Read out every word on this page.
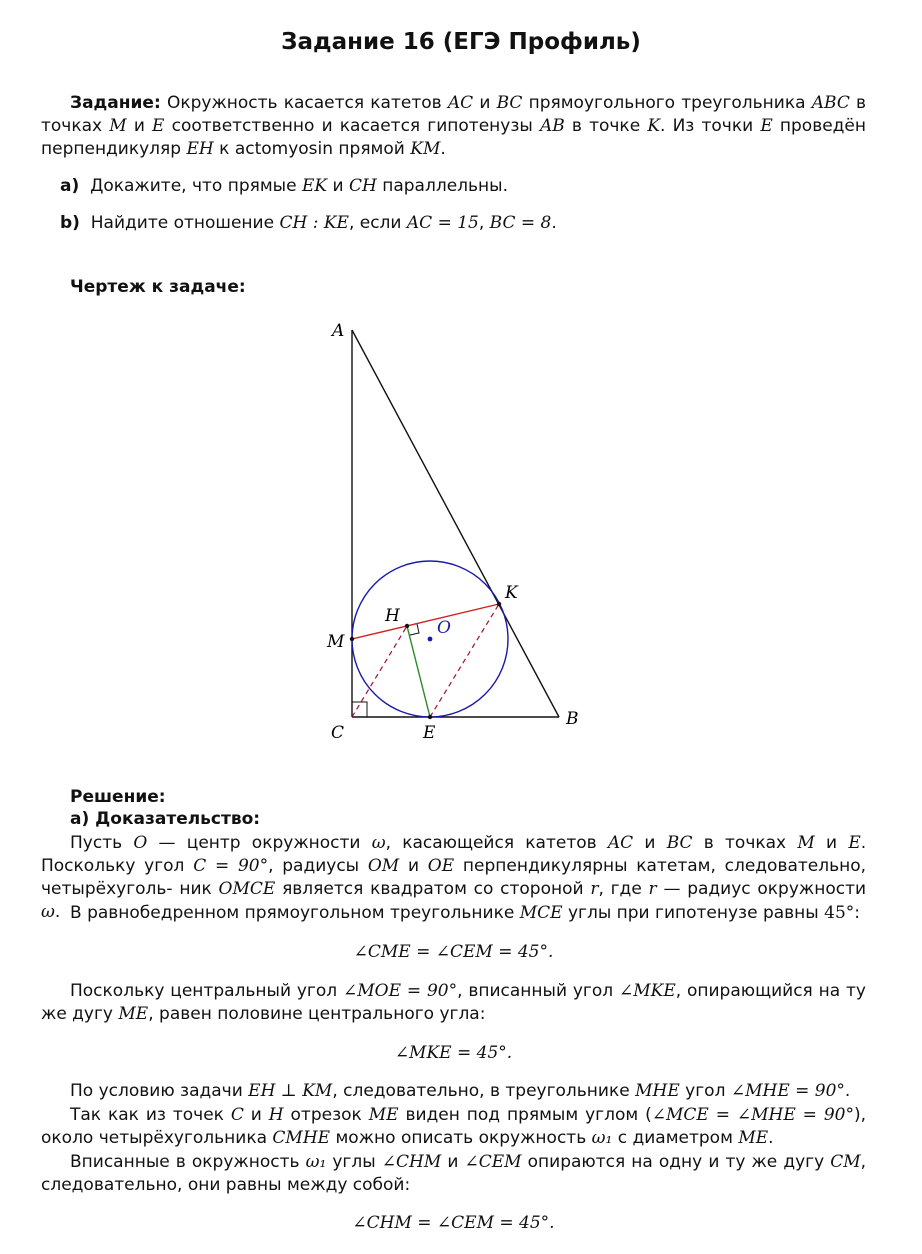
Задание 16 (ЕГЭ Профиль)
Задание: Окружность касается катетов AC и BC прямоугольного треугольника ABC в точках M и E соответственно и касается гипотенузы AB в точке K. Из точки E проведён перпендикуляр EH к actomyosin прямой KM.
а) Докажите, что прямые EK и CH параллельны.
b) Найдите отношение CH : KE, если AC = 15, BC = 8.
Чертеж к задаче:
A
B
C	E
K
M
H
O
Решение:
а) Доказательство:
Пусть O — центр окружности ω, касающейся катетов AC и BC в точках M и E. Поскольку угол C = 90°, радиусы OM и OE перпендикулярны катетам, следовательно, четырёхуголь- ник OMCE является квадратом со стороной r, где r — радиус окружности ω. В равнобедренном прямоугольном треугольнике MCE углы при гипотенузе равны 45°:
∠CME = ∠CEM = 45°.
Поскольку центральный угол ∠MOE = 90°, вписанный угол ∠MKE, опирающийся на ту же дугу ME, равен половине центрального угла:
∠MKE = 45°.
По условию задачи EH ⊥ KM, следовательно, в треугольнике MHE угол ∠MHE = 90°.
Так как из точек C и H отрезок ME виден под прямым углом (∠MCE = ∠MHE = 90°), около четырёхугольника CMHE можно описать окружность ω₁ с диаметром ME.
Вписанные в окружность ω₁ углы ∠CHM и ∠CEM опираются на одну и ту же дугу CM, следовательно, они равны между собой:
∠CHM = ∠CEM = 45°.
